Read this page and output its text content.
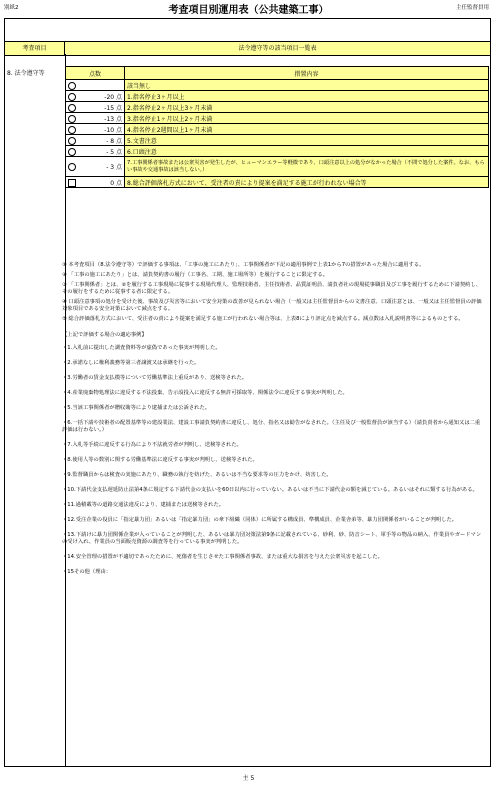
別紙2	考査項目別運用表（公共建築工事）	主任監督員用
考査項目	法令遵守等の該当項目一覧表
8. 法令遵守等	点数	措置内容

	該当無し

-20 点	1.指名停止3ヶ月以上

-15 点	2.指名停止2ヶ月以上3ヶ月未満

-13 点	3.指名停止1ヶ月以上2ヶ月未満

-10 点	4.指名停止2週間以上1ヶ月未満

- 8 点	5.文書注意

- 5 点	6.口頭注意

- 3 点	7.工事関係者事故または公衆災害が発生したが、ヒューマンエラー等軽微であり、口頭注意以上の処分がなかった場合（不問で処分した案件。なお、もらい事故や交通事故は該当しない。）

0 点	8.総合評価落札方式において、受注者の責により提案を満足する施工が行われない場合等

① 本考査項目（8.法令遵守等）で評価する事項は、「工事の施工にあたり」、工事関係者が下記の適用事例で上表1から7の措置があった場合に適用する。

② 「工事の施工にあたり」とは、請負契約書の履行（工事名、工期、施工場所等）を履行することに限定する。

③ 「工事関係者」とは、②を履行する工事現場に従事する現場代理人、監理技術者、主任技術者、品質証明員、請負者社の現場従事職員及び工事を履行するために下請契約し、その履行をするために従事する者に限定する。

④ 口頭注意事項の処分を受けた後、事故及び災害等において安全対策の改善が見られない場合（一般又は主任監督員からの文書注意、口頭注意とは、一般又は主任監督員の評価対象項目である安全対策において減点をする。

⑤ 総合評価落札方式において、受注者の責により提案を満足する施工が行われない場合等は、上表8により評定点を減点する。減点数は入札説明書等によるものとする。

【上記で評価する場合の適応事例】

・1.入札前に提出した調査資料等が虚偽であった事実が判明した。

・2.承諾なしに権利義務等第三者譲渡又は承継を行った。

・3.労働者の賃金支払模等について労働基準法上重反があり、送検等された。

・4.産業廃棄物処理法に違反する不法投棄、告示設投入に違反する無許可採取等、関係法令に違反する事実が判明した。

・5.当該工事関係者が贈収賄等により逮捕または公訴された。

・6.一括下請や技術者の配置基準等の建設業法、建設工事請負契約書に違反し、処分、指名又は勧告がなされた。（主任及び一般監督員が該当する）（請負責者から通知又は二重評価は行わない。）

・7.入札等手続に違反する行為により不法就労者が判明し、送検等された。

・8.使用人等の数別に関する労働基準法に違反する事実が判明し、送検等された。

・9.監督職員からは検査の実施にあたり、職務の執行を妨げた、あるいは不当な要求等の圧力をかけ、妨害した。

・10.下請代金支払遅延防止法第4条に規定する下請代金の支払いを60日以内に行っていない。あるいは不当に下請代金の額を減じている。あるいはそれに類する行為がある。

・11.過積載等の道路交通法違反により、逮捕または送検等された。

・12.受注企業の役員に「指定暴力団」あるいは「指定暴力団」の傘下組織（同体）に所属する構成員、準構成員、企業舎弟等、暴力団関係者がいることが判明した。

・13.下請けに暴力団関係企業が入っていることが判明した、あるいは暴力団対策法第9条に記載されている、砂利、砂、防音シート、軍手等の物品の納入、作業員やガードマンの受け入れ、作業員の当面販売資源の調査等を行っている事実が判明した。

・14.安全管理の措置が不適切であったために、死傷者を生じさせた工事関係者事故、または重大な損害を与えた公衆災害を起こした。

・15その他（理由：

主 5
